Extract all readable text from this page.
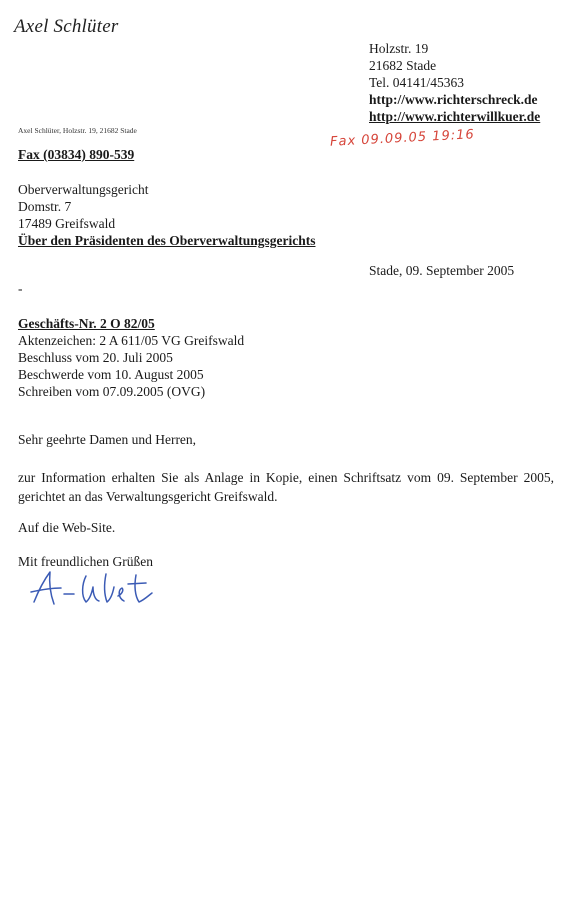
Axel Schlüter
Holzstr. 19
21682 Stade
Tel. 04141/45363
http://www.richterschreck.de
http://www.richterwillkuer.de
Axel Schlüter, Holzstr. 19, 21682 Stade	Fax 09.09.05 19:16
Fax (03834) 890-539
Oberverwaltungsgericht
Domstr. 7
17489 Greifswald
Über den Präsidenten des Oberverwaltungsgerichts
Stade, 09. September 2005
-
Geschäfts-Nr. 2 O 82/05
Aktenzeichen: 2 A 611/05 VG Greifswald
Beschluss vom 20. Juli 2005
Beschwerde vom 10. August 2005
Schreiben vom 07.09.2005 (OVG)
Sehr geehrte Damen und Herren,
zur Information erhalten Sie als Anlage in Kopie, einen Schriftsatz vom 09. September 2005, gerichtet an das Verwaltungsgericht Greifswald.
Auf die Web-Site.
Mit freundlichen Grüßen
